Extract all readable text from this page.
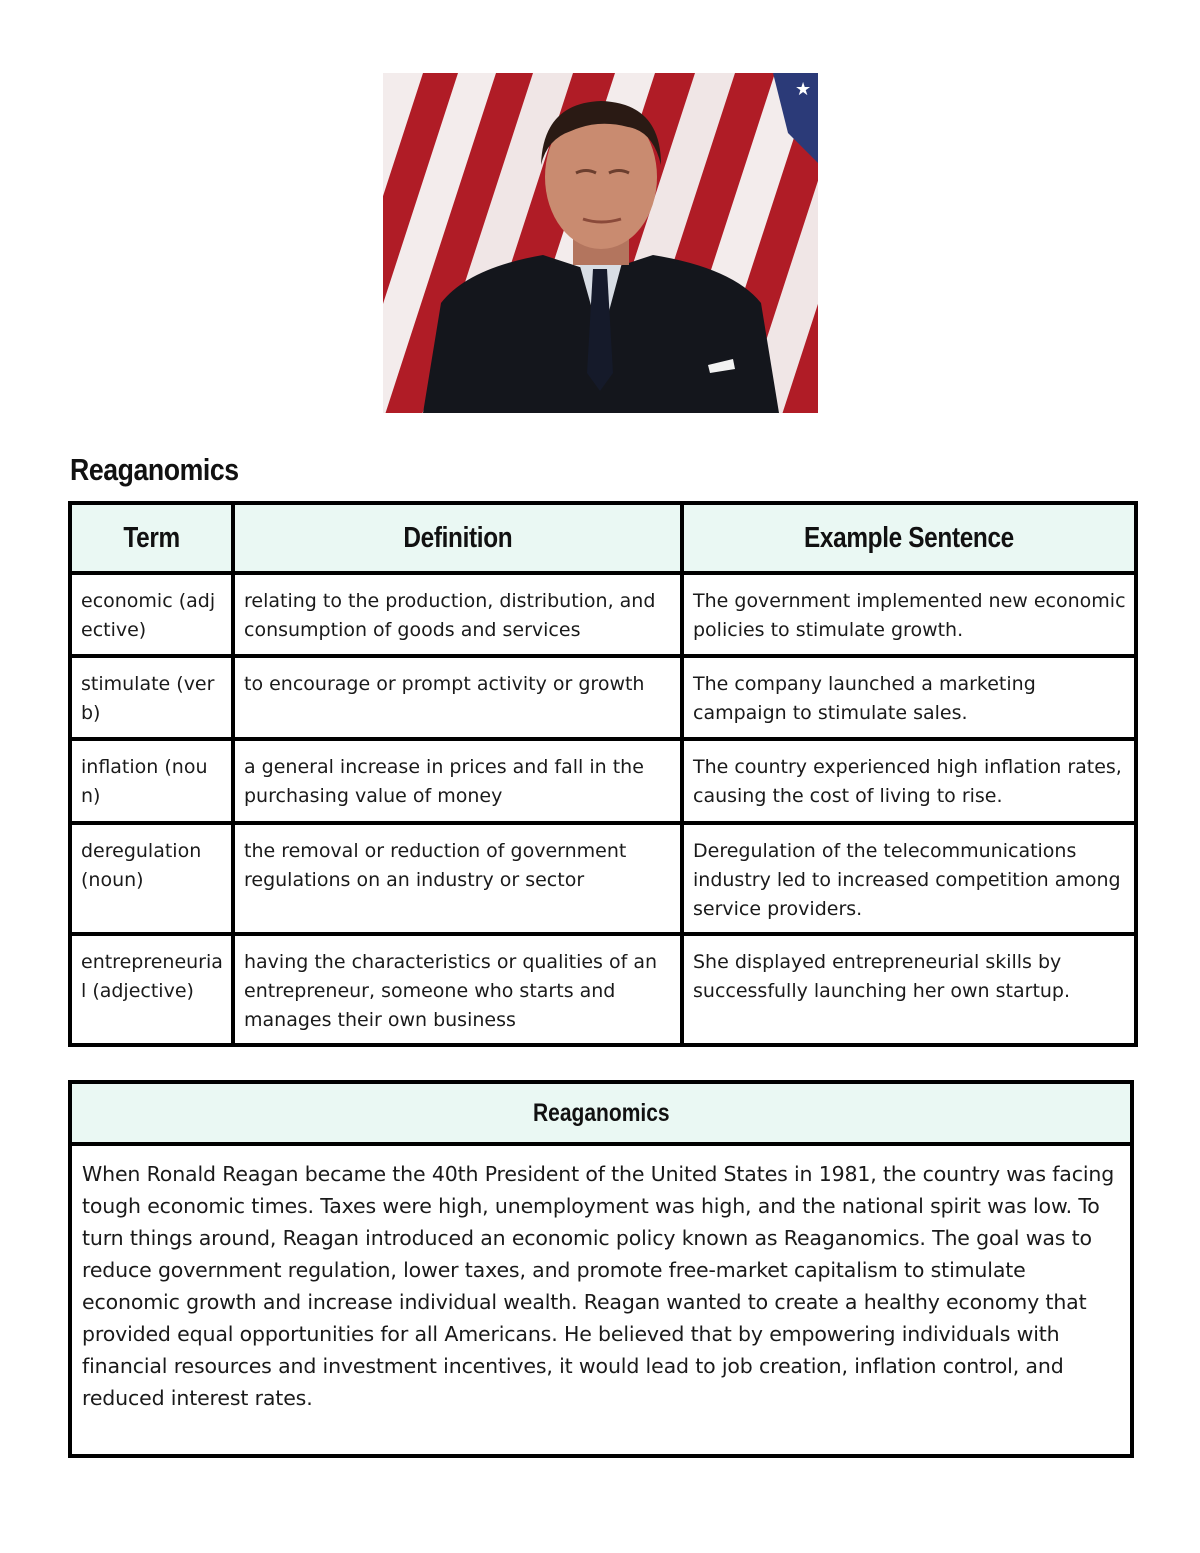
★
Reaganomics
Term	Definition	Example Sentence
economic (adjective)	relating to the production, distribution, and consumption of goods and services	The government implemented new economic policies to stimulate growth.
stimulate (verb)	to encourage or prompt activity or growth	The company launched a marketing campaign to stimulate sales.
inflation (noun)	a general increase in prices and fall in the purchasing value of money	The country experienced high inflation rates, causing the cost of living to rise.
deregulation (noun)	the removal or reduction of government regulations on an industry or sector	Deregulation of the telecommunications industry led to increased competition among service providers.
entrepreneurial (adjective)	having the characteristics or qualities of an entrepreneur, someone who starts and manages their own business	She displayed entrepreneurial skills by successfully launching her own startup.
Reaganomics
When Ronald Reagan became the 40th President of the United States in 1981, the country was facing tough economic times. Taxes were high, unemployment was high, and the national spirit was low. To turn things around, Reagan introduced an economic policy known as Reaganomics. The goal was to reduce government regulation, lower taxes, and promote free-market capitalism to stimulate economic growth and increase individual wealth. Reagan wanted to create a healthy economy that provided equal opportunities for all Americans. He believed that by empowering individuals with financial resources and investment incentives, it would lead to job creation, inflation control, and reduced interest rates.
